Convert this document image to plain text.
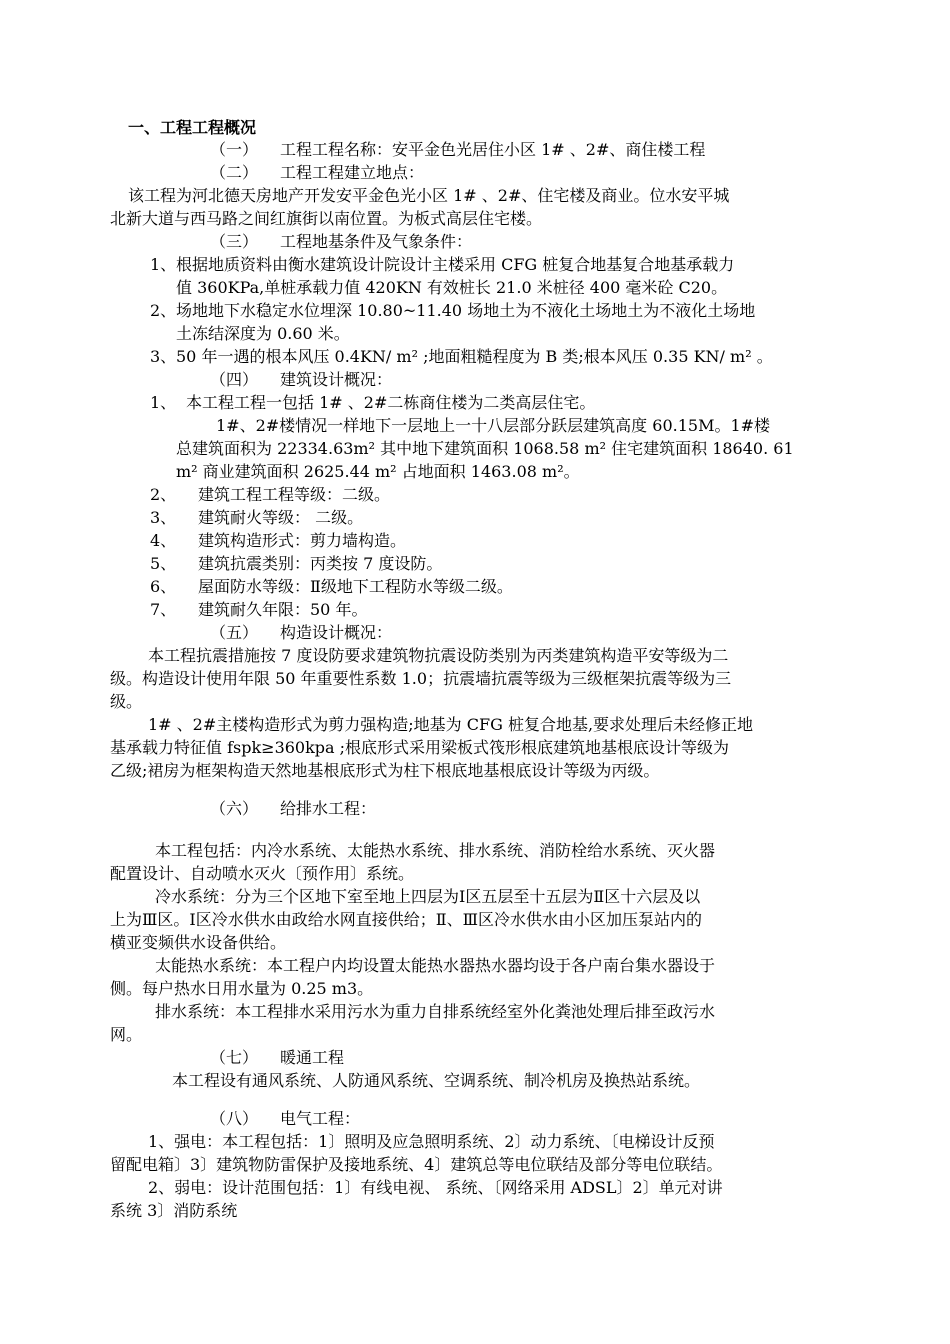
一、工程工程概况
（一） 工程工程名称：安平金色光居住小区 1# 、2#、商住楼工程
（二） 工程工程建立地点：
该工程为河北德天房地产开发安平金色光小区 1# 、2#、住宅楼及商业。位水安平城
北新大道与西马路之间红旗街以南位置。为板式高层住宅楼。
（三） 工程地基条件及气象条件：
1、 根据地质资料由衡水建筑设计院设计主楼采用 CFG 桩复合地基复合地基承载力
值 360KPa,单桩承载力值 420KN 有效桩长 21.0 米桩径 400 毫米砼 C20。
2、 场地地下水稳定水位埋深 10.80~11.40 场地土为不液化土场地土为不液化土场地
土冻结深度为 0.60 米。
3、 50 年一遇的根本风压 0.4KN/ m² ;地面粗糙程度为 B 类;根本风压 0.35 KN/ m² 。
（四） 建筑设计概况：
1、 本工程工程一包括 1# 、2#二栋商住楼为二类高层住宅。
1#、2#楼情况一样地下一层地上一十八层部分跃层建筑高度 60.15M。1#楼
总建筑面积为 22334.63m² 其中地下建筑面积 1068.58 m² 住宅建筑面积 18640. 61
m² 商业建筑面积 2625.44 m² 占地面积 1463.08 m²。
2、 建筑工程工程等级：二级。
3、 建筑耐火等级： 二级。
4、 建筑构造形式：剪力墙构造。
5、 建筑抗震类别：丙类按 7 度设防。
6、 屋面防水等级：Ⅱ级地下工程防水等级二级。
7、 建筑耐久年限：50 年。
（五） 构造设计概况：
本工程抗震措施按 7 度设防要求建筑物抗震设防类别为丙类建筑构造平安等级为二
级。构造设计使用年限 50 年重要性系数 1.0；抗震墙抗震等级为三级框架抗震等级为三
级。
1# 、2#主楼构造形式为剪力强构造;地基为 CFG 桩复合地基,要求处理后未经修正地
基承载力特征值 fspk≥360kpa ;根底形式采用梁板式筏形根底建筑地基根底设计等级为
乙级;裙房为框架构造天然地基根底形式为柱下根底地基根底设计等级为丙级。
（六） 给排水工程：
本工程包括：内冷水系统、太能热水系统、排水系统、消防栓给水系统、灭火器
配置设计、自动喷水灭火〔预作用〕系统。
冷水系统：分为三个区地下室至地上四层为Ⅰ区五层至十五层为Ⅱ区十六层及以
上为Ⅲ区。Ⅰ区冷水供水由政给水网直接供给；Ⅱ、Ⅲ区冷水供水由小区加压泵站内的
横亚变频供水设备供给。
太能热水系统：本工程户内均设置太能热水器热水器均设于各户南台集水器设于
侧。每户热水日用水量为 0.25 m3。
排水系统：本工程排水采用污水为重力自排系统经室外化粪池处理后排至政污水
网。
（七） 暖通工程
本工程设有通风系统、人防通风系统、空调系统、制冷机房及换热站系统。
（八） 电气工程：
1、强电：本工程包括：1〕照明及应急照明系统、2〕动力系统、〔电梯设计反预
留配电箱〕3〕建筑物防雷保护及接地系统、4〕建筑总等电位联结及部分等电位联结。
2、弱电：设计范围包括：1〕有线电视、 系统、〔网络采用 ADSL〕2〕单元对讲
系统 3〕消防系统
